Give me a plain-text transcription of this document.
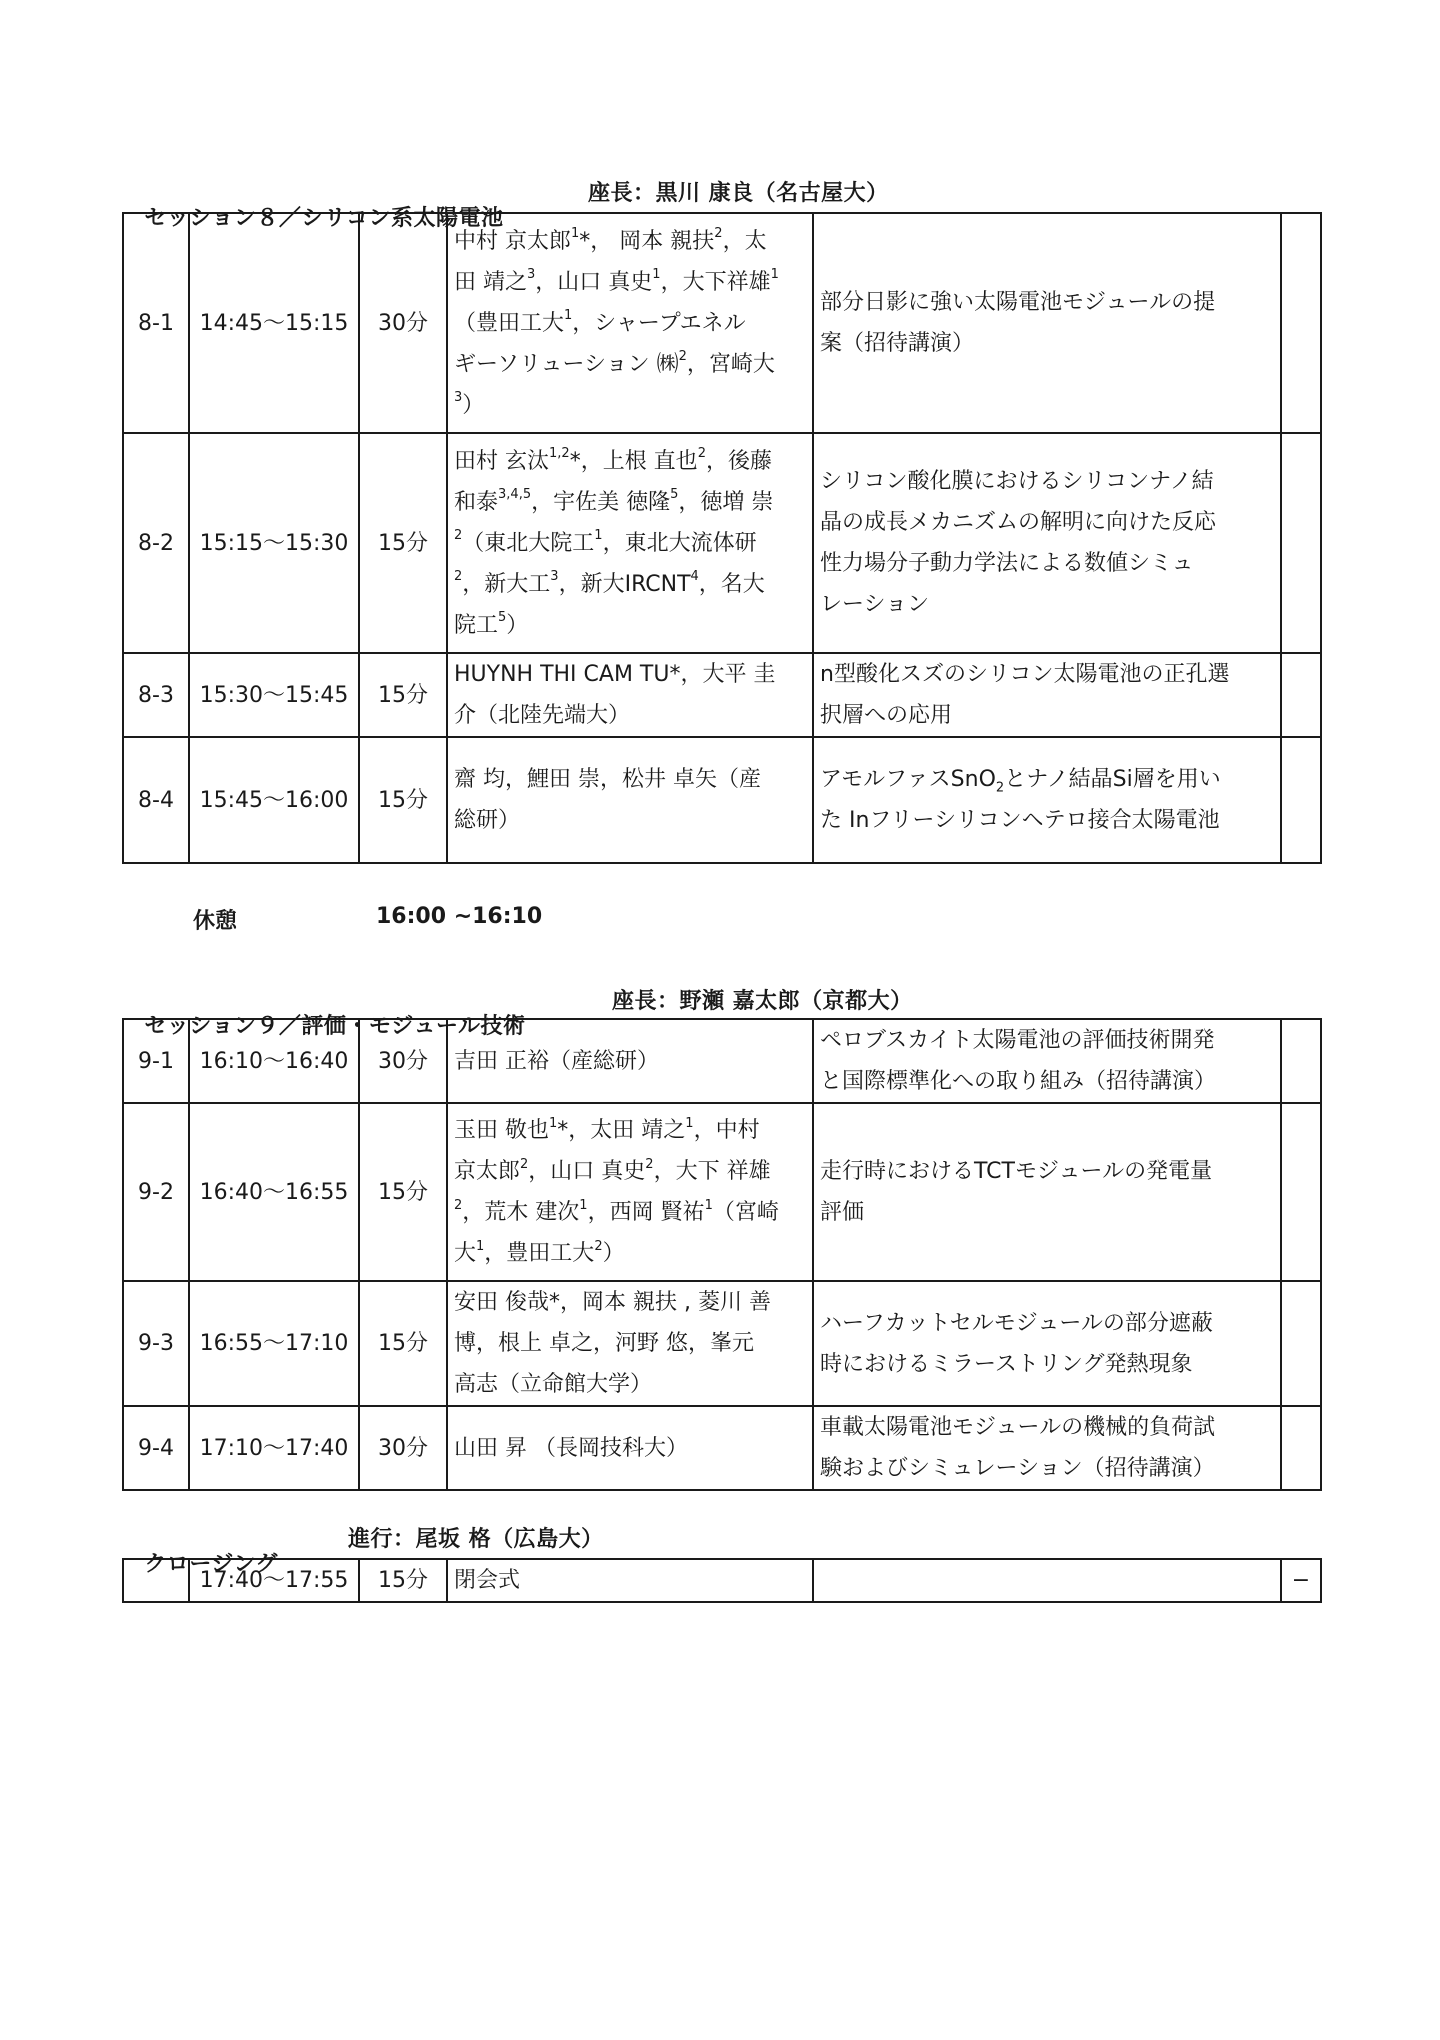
セッション８／シリコン系太陽電池

座長：黒川 康良（名古屋大）

8-1	14:45〜15:15	30分	中村 京太郎$^1$*， 岡本 親扶$^2$，太
田 靖之$^3$，山口 真史$^1$，大下祥雄$^1$
（豊田工大$^1$，シャープエネル
ギーソリューション ㈱$^2$，宮崎大
$^3$）	部分日影に強い太陽電池モジュールの提
案（招待講演）	
8-2	15:15〜15:30	15分	田村 玄汰$^{1,2}$*，上根 直也$^2$，後藤
和泰$^{3,4,5}$，宇佐美 徳隆$^5$，徳増 崇
$^2$（東北大院工$^1$，東北大流体研
$^2$，新大工$^3$，新大IRCNT$^4$，名大
院工$^5$）	シリコン酸化膜におけるシリコンナノ結
晶の成長メカニズムの解明に向けた反応
性力場分子動力学法による数値シミュ
レーション	
8-3	15:30〜15:45	15分	HUYNH THI CAM TU*，大平 圭
介（北陸先端大）	n型酸化スズのシリコン太陽電池の正孔選
択層への応用	
8-4	15:45〜16:00	15分	齋 均，鯉田 崇，松井 卓矢（産
総研）	アモルファスSnO$_2$とナノ結晶Si層を用い
た Inフリーシリコンヘテロ接合太陽電池	
休憩	16:00 ~16:10

セッション９／評価・モジュール技術

座長：野瀬 嘉太郎（京都大）

9-1	16:10〜16:40	30分	吉田 正裕（産総研）	ペロブスカイト太陽電池の評価技術開発
と国際標準化への取り組み（招待講演）	
9-2	16:40〜16:55	15分	玉田 敬也$^1$*，太田 靖之$^1$，中村
京太郎$^2$，山口 真史$^2$，大下 祥雄
$^2$，荒木 建次$^1$，西岡 賢祐$^1$（宮崎
大$^1$，豊田工大$^2$）	走行時におけるTCTモジュールの発電量
評価	
9-3	16:55〜17:10	15分	安田 俊哉*，岡本 親扶 , 菱川 善
博，根上 卓之，河野 悠，峯元
高志（立命館大学）	ハーフカットセルモジュールの部分遮蔽
時におけるミラーストリング発熱現象	
9-4	17:10〜17:40	30分	山田 昇 （長岡技科大）	車載太陽電池モジュールの機械的負荷試
験およびシミュレーション（招待講演）	

クロージング

進行：尾坂 格（広島大）

	17:40〜17:55	15分	閉会式		−
